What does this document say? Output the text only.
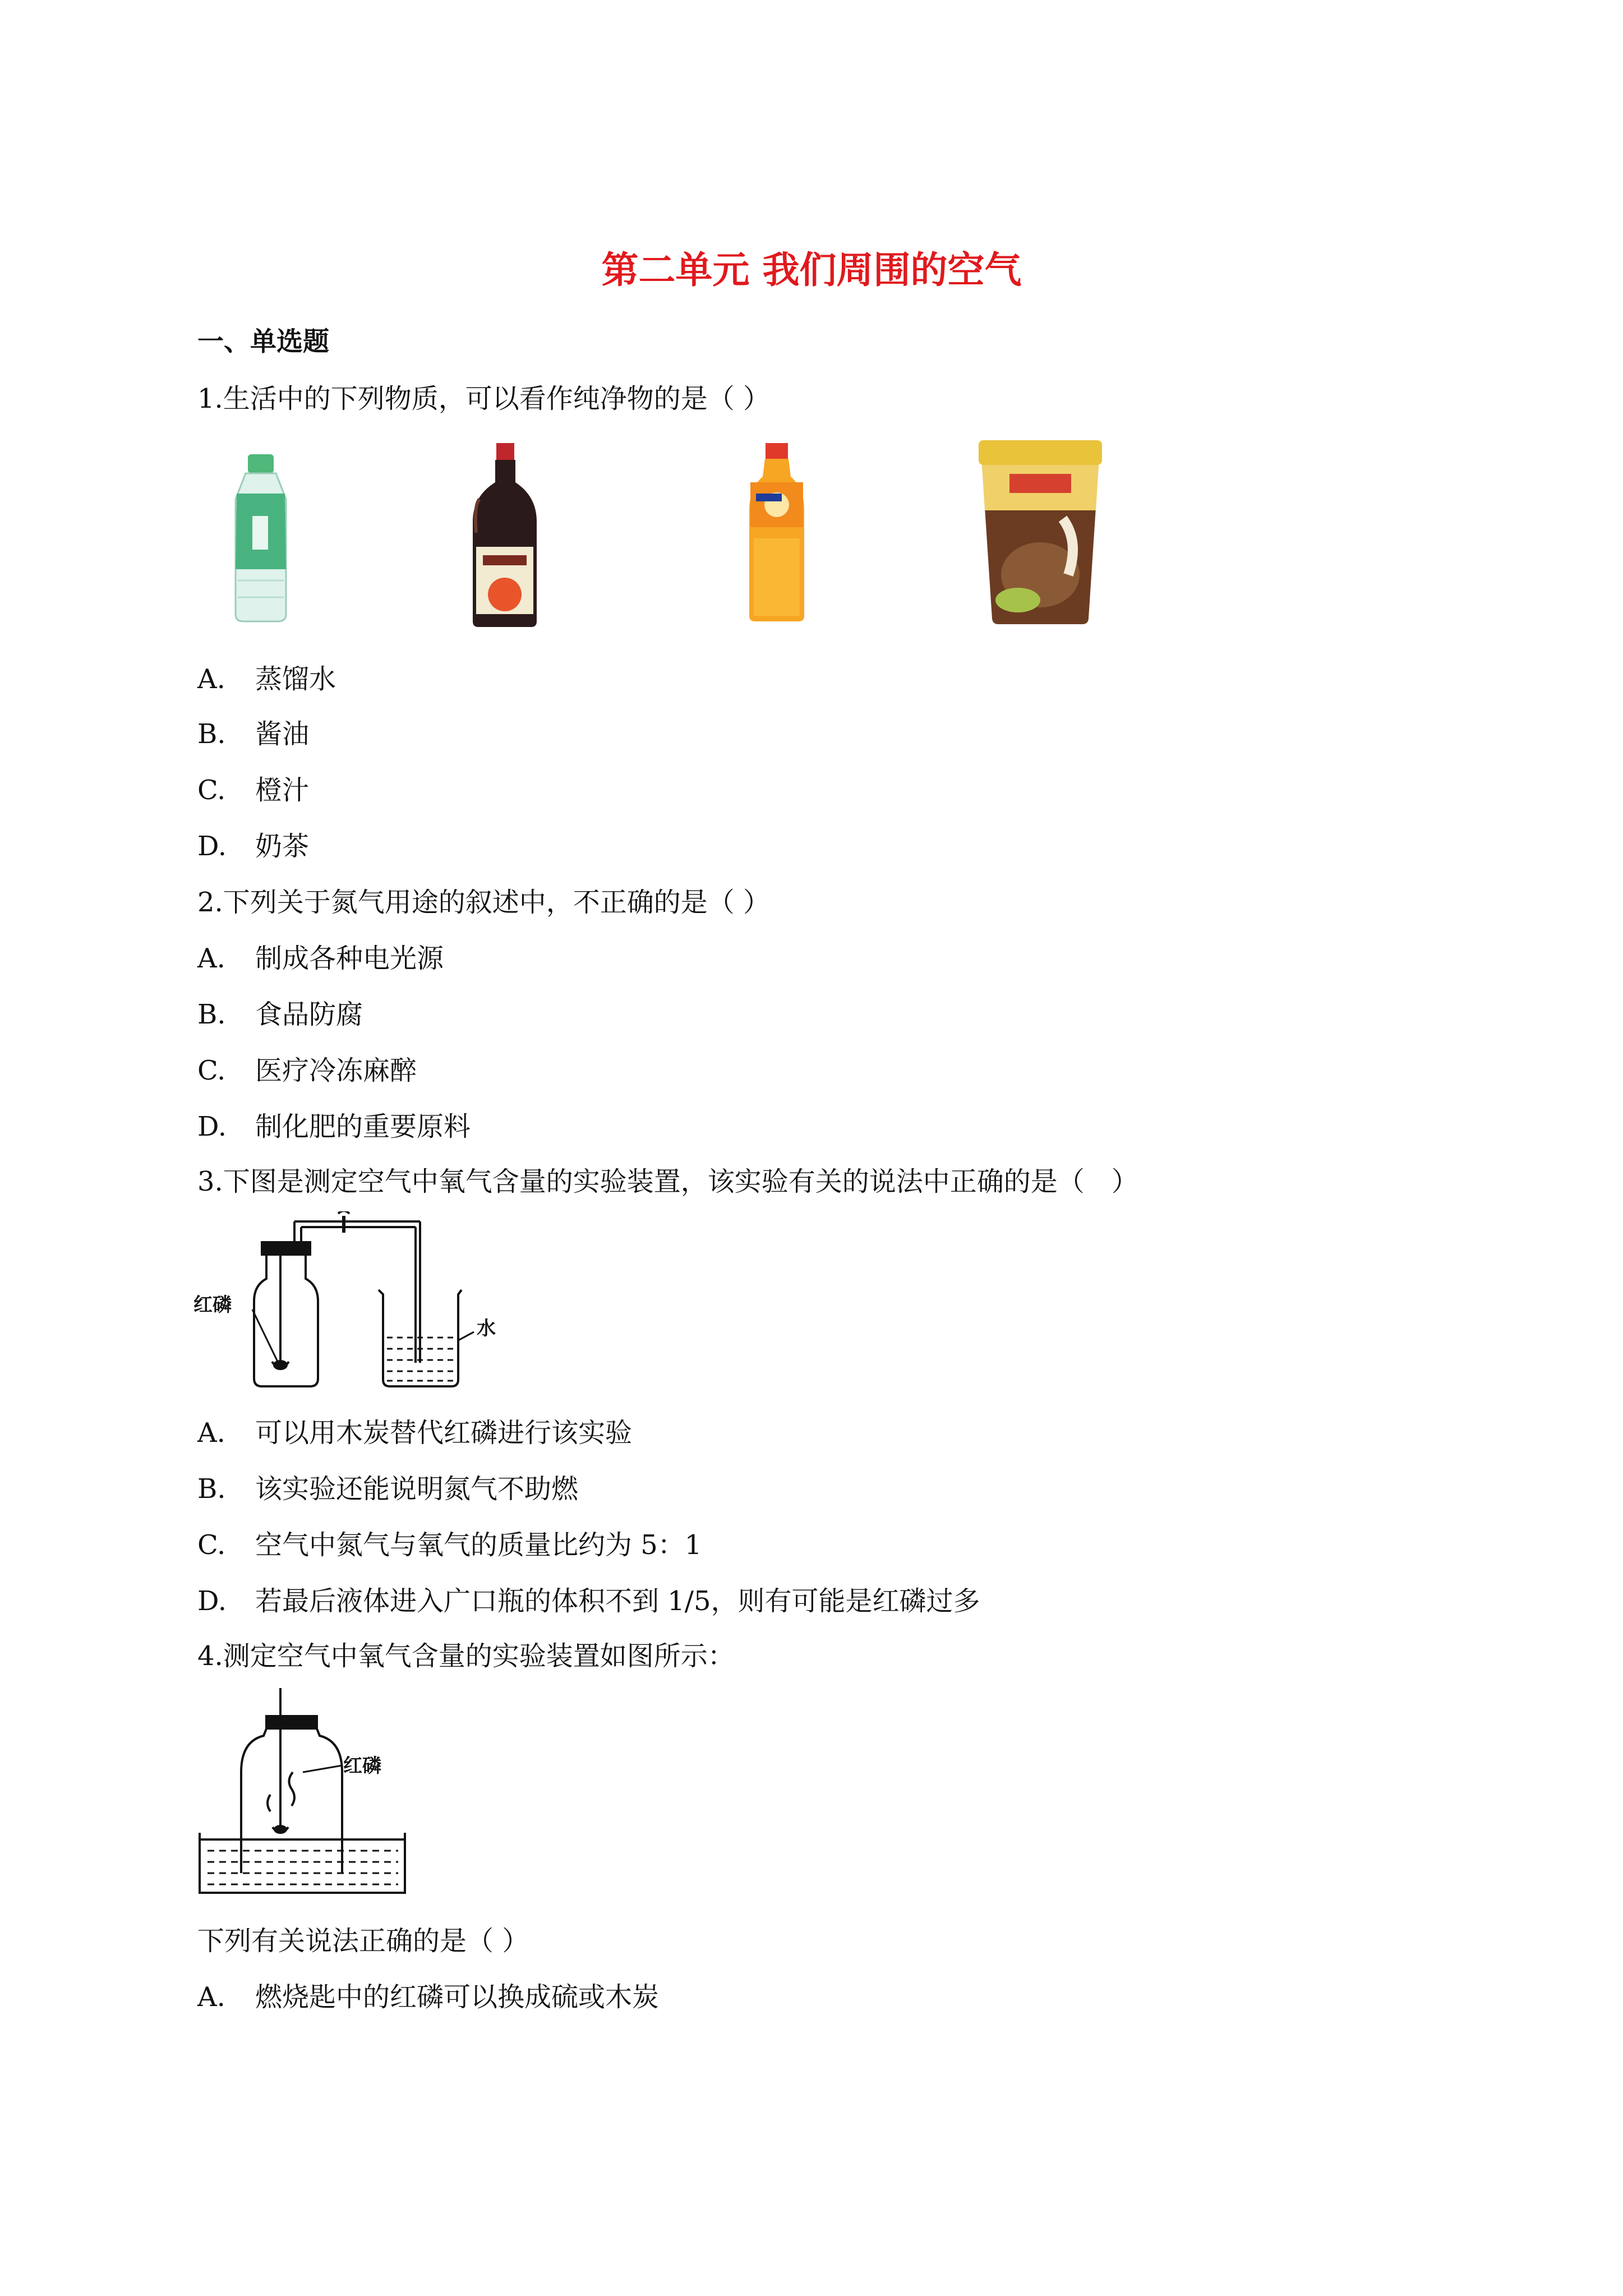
第二单元 我们周围的空气
一、单选题
1.生活中的下列物质，可以看作纯净物的是（ ）
A. 蒸馏水
B. 酱油
C. 橙汁
D. 奶茶
2.下列关于氮气用途的叙述中，不正确的是（ ）
A. 制成各种电光源
B. 食品防腐
C. 医疗冷冻麻醉
D. 制化肥的重要原料
3.下图是测定空气中氧气含量的实验装置，该实验有关的说法中正确的是（　）
红磷
水
A. 可以用木炭替代红磷进行该实验
B. 该实验还能说明氮气不助燃
C. 空气中氮气与氧气的质量比约为 5：1
D. 若最后液体进入广口瓶的体积不到 1/5，则有可能是红磷过多
4.测定空气中氧气含量的实验装置如图所示：
红磷
下列有关说法正确的是（ ）
A. 燃烧匙中的红磷可以换成硫或木炭
